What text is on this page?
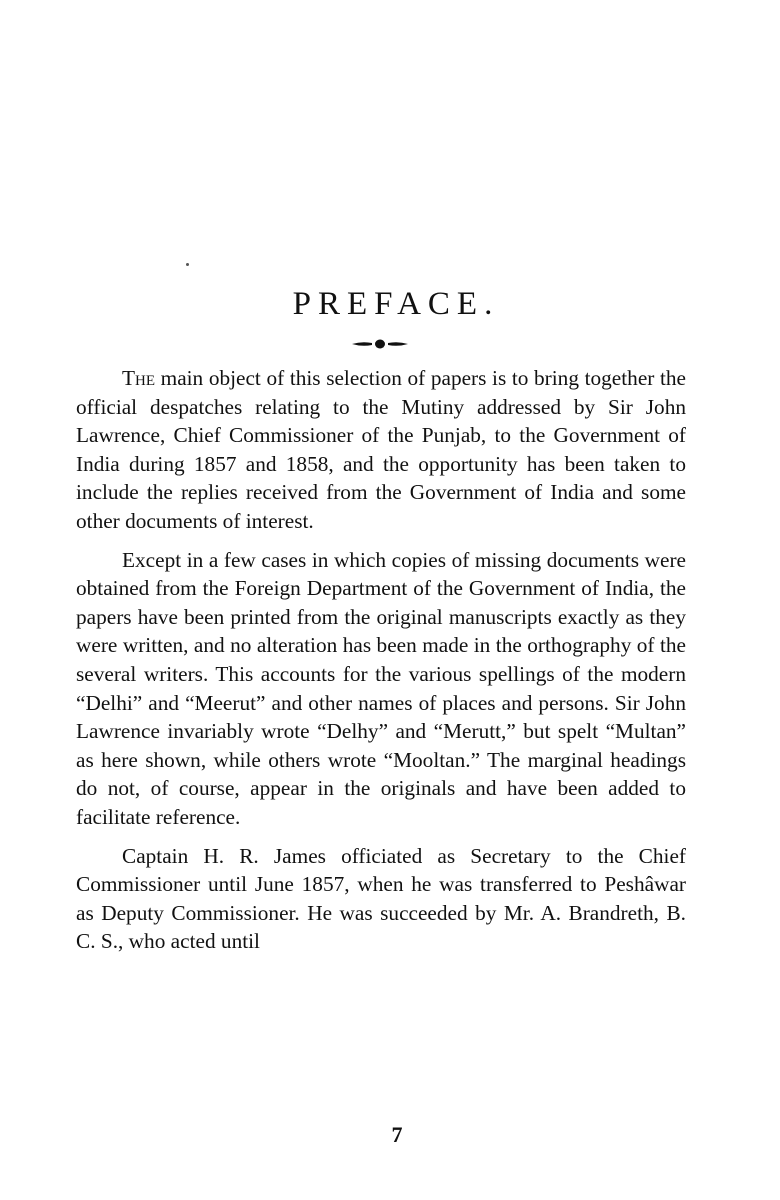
PREFACE.

The main object of this selection of papers is to bring together the official despatches relating to the Mutiny addressed by Sir John Lawrence, Chief Commissioner of the Punjab, to the Government of India during 1857 and 1858, and the opportunity has been taken to include the replies received from the Government of India and some other documents of interest.

Except in a few cases in which copies of missing documents were obtained from the Foreign Department of the Government of India, the papers have been printed from the original manuscripts exactly as they were written, and no alteration has been made in the orthography of the several writers. This accounts for the various spellings of the modern “Delhi” and “Meerut” and other names of places and persons. Sir John Lawrence invariably wrote “Delhy” and “Merutt,” but spelt “Multan” as here shown, while others wrote “Mooltan.” The marginal headings do not, of course, appear in the originals and have been added to facilitate reference.

Captain H. R. James officiated as Secretary to the Chief Commissioner until June 1857, when he was transferred to Peshâwar as Deputy Commissioner. He was succeeded by Mr. A. Brandreth, B. C. S., who acted until

7
